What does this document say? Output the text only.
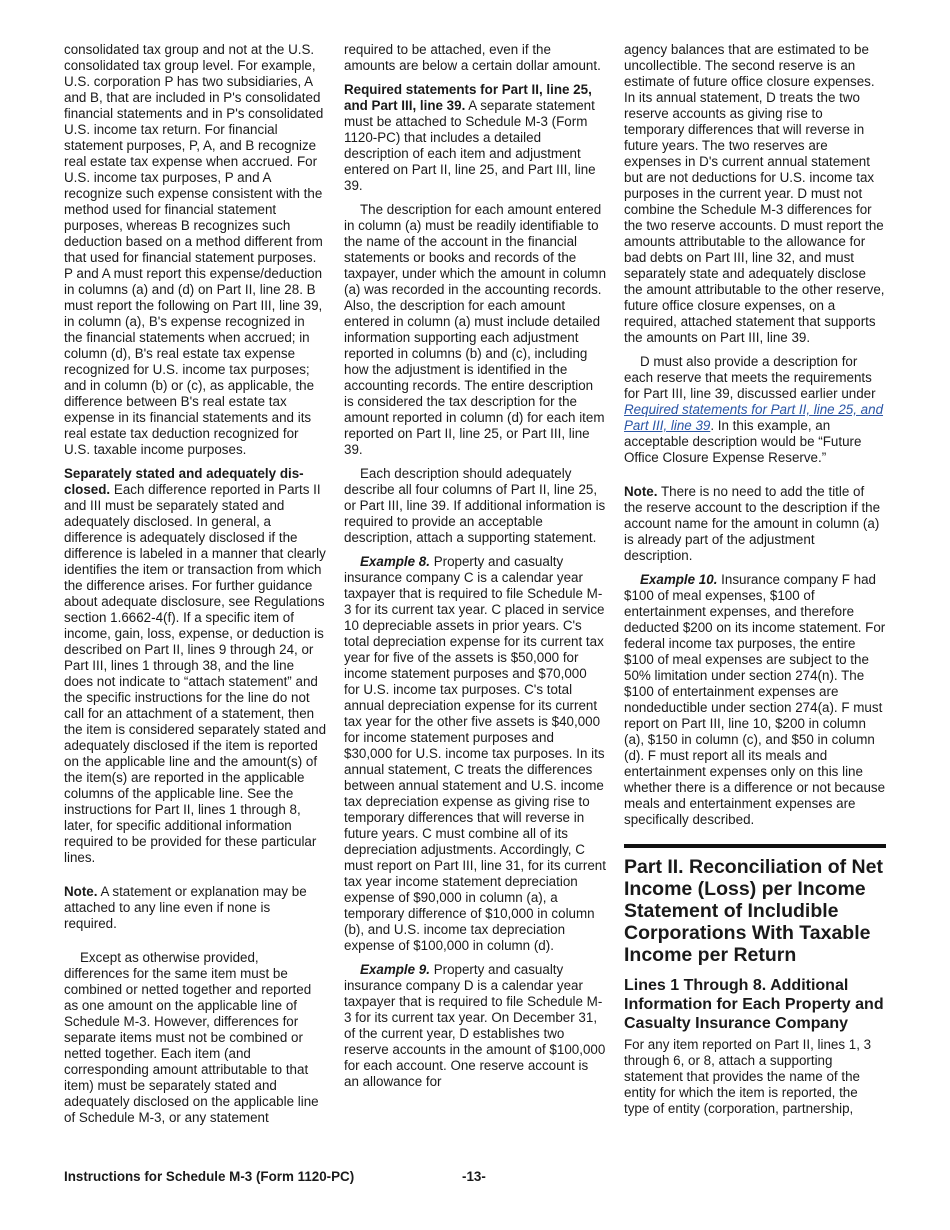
consolidated tax group and not at the U.S. consolidated tax group level. For example, U.S. corporation P has two subsidiaries, A and B, that are included in P's consolidated financial statements and in P's consolidated U.S. income tax return. For financial statement purposes, P, A, and B recognize real estate tax expense when accrued. For U.S. income tax purposes, P and A recognize such expense consistent with the method used for financial statement purposes, whereas B recognizes such deduction based on a method different from that used for financial statement purposes. P and A must report this expense/deduction in columns (a) and (d) on Part II, line 28. B must report the following on Part III, line 39, in column (a), B's expense recognized in the financial statements when accrued; in column (d), B's real estate tax expense recognized for U.S. income tax purposes; and in column (b) or (c), as applicable, the difference between B's real estate tax expense in its financial statements and its real estate tax deduction recognized for U.S. taxable income purposes.

Separately stated and adequately dis-closed. Each difference reported in Parts II and III must be separately stated and adequately disclosed. In general, a difference is adequately disclosed if the difference is labeled in a manner that clearly identifies the item or transaction from which the difference arises. For further guidance about adequate disclosure, see Regulations section 1.6662-4(f). If a specific item of income, gain, loss, expense, or deduction is described on Part II, lines 9 through 24, or Part III, lines 1 through 38, and the line does not indicate to “attach statement” and the specific instructions for the line do not call for an attachment of a statement, then the item is considered separately stated and adequately disclosed if the item is reported on the applicable line and the amount(s) of the item(s) are reported in the applicable columns of the applicable line. See the instructions for Part II, lines 1 through 8, later, for specific additional information required to be provided for these particular lines.

Note. A statement or explanation may be attached to any line even if none is required.

Except as otherwise provided, differences for the same item must be combined or netted together and reported as one amount on the applicable line of Schedule M-3. However, differences for separate items must not be combined or netted together. Each item (and corresponding amount attributable to that item) must be separately stated and adequately disclosed on the applicable line of Schedule M-3, or any statement

required to be attached, even if the amounts are below a certain dollar amount.

Required statements for Part II, line 25, and Part III, line 39. A separate statement must be attached to Schedule M-3 (Form 1120-PC) that includes a detailed description of each item and adjustment entered on Part II, line 25, and Part III, line 39.

The description for each amount entered in column (a) must be readily identifiable to the name of the account in the financial statements or books and records of the taxpayer, under which the amount in column (a) was recorded in the accounting records. Also, the description for each amount entered in column (a) must include detailed information supporting each adjustment reported in columns (b) and (c), including how the adjustment is identified in the accounting records. The entire description is considered the tax description for the amount reported in column (d) for each item reported on Part II, line 25, or Part III, line 39.

Each description should adequately describe all four columns of Part II, line 25, or Part III, line 39. If additional information is required to provide an acceptable description, attach a supporting statement.

Example 8. Property and casualty insurance company C is a calendar year taxpayer that is required to file Schedule M-3 for its current tax year. C placed in service 10 depreciable assets in prior years. C's total depreciation expense for its current tax year for five of the assets is $50,000 for income statement purposes and $70,000 for U.S. income tax purposes. C's total annual depreciation expense for its current tax year for the other five assets is $40,000 for income statement purposes and $30,000 for U.S. income tax purposes. In its annual statement, C treats the differences between annual statement and U.S. income tax depreciation expense as giving rise to temporary differences that will reverse in future years. C must combine all of its depreciation adjustments. Accordingly, C must report on Part III, line 31, for its current tax year income statement depreciation expense of $90,000 in column (a), a temporary difference of $10,000 in column (b), and U.S. income tax depreciation expense of $100,000 in column (d).

Example 9. Property and casualty insurance company D is a calendar year taxpayer that is required to file Schedule M-3 for its current tax year. On December 31, of the current year, D establishes two reserve accounts in the amount of $100,000 for each account. One reserve account is an allowance for

agency balances that are estimated to be uncollectible. The second reserve is an estimate of future office closure expenses. In its annual statement, D treats the two reserve accounts as giving rise to temporary differences that will reverse in future years. The two reserves are expenses in D's current annual statement but are not deductions for U.S. income tax purposes in the current year. D must not combine the Schedule M-3 differences for the two reserve accounts. D must report the amounts attributable to the allowance for bad debts on Part III, line 32, and must separately state and adequately disclose the amount attributable to the other reserve, future office closure expenses, on a required, attached statement that supports the amounts on Part III, line 39.

D must also provide a description for each reserve that meets the requirements for Part III, line 39, discussed earlier under Required statements for Part II, line 25, and Part III, line 39. In this example, an acceptable description would be “Future Office Closure Expense Reserve.”

Note. There is no need to add the title of the reserve account to the description if the account name for the amount in column (a) is already part of the adjustment description.

Example 10. Insurance company F had $100 of meal expenses, $100 of entertainment expenses, and therefore deducted $200 on its income statement. For federal income tax purposes, the entire $100 of meal expenses are subject to the 50% limitation under section 274(n). The $100 of entertainment expenses are nondeductible under section 274(a). F must report on Part III, line 10, $200 in column (a), $150 in column (c), and $50 in column (d). F must report all its meals and entertainment expenses only on this line whether there is a difference or not because meals and entertainment expenses are specifically described.

Part II. Reconciliation of Net Income (Loss) per Income Statement of Includible Corporations With Taxable Income per Return
Lines 1 Through 8. Additional Information for Each Property and Casualty Insurance Company

For any item reported on Part II, lines 1, 3 through 6, or 8, attach a supporting statement that provides the name of the entity for which the item is reported, the type of entity (corporation, partnership,

Instructions for Schedule M-3 (Form 1120-PC)	-13-
